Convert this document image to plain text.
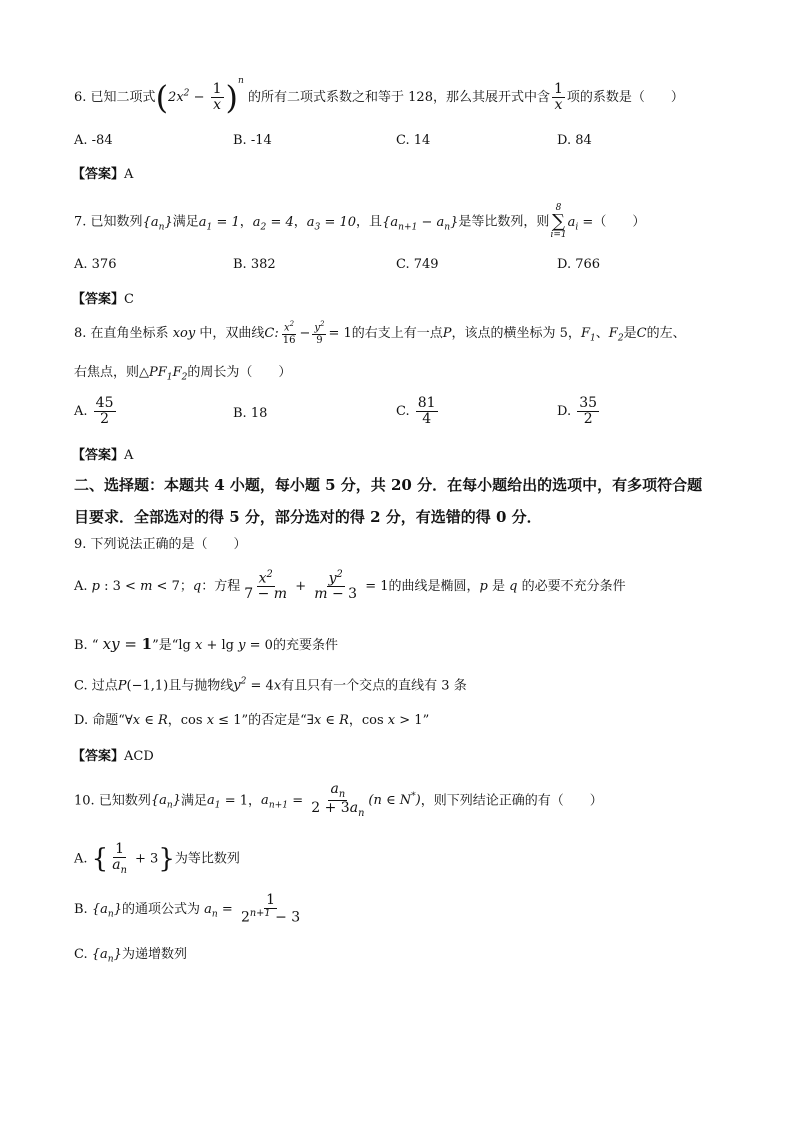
6. 已知二项式$(2x^2 - \frac{1}{x} )^n$ 的所有二项式系数之和等于 128，那么其展开式中含 $\frac{1}{x}$ 项的系数是（　　）
A. -84	B. -14	C. 14	D. 84
【答案】A
7. 已知数列$\{a_n\}$满足$a_1 = 1$，$a_2 = 4$，$a_3 = 10$，且$\{a_{n+1} - a_n\}$是等比数列，则
8
∑
i=1
$a_i$ =（　　）
A. 376	B. 382	C. 749	D. 766
【答案】C
8. 在直角坐标系 xoy 中，双曲线C: $\frac{x^2}{16} - \frac{y^2}{9} = 1$的右支上有一点P，该点的横坐标为 5，$F_1$、$F_2$是C的左、
右焦点，则$\triangle PF_1F_2$的周长为（　　）
A. $\frac{45}{2}$	B. 18	C. $\frac{81}{4}$	D. $\frac{35}{2}$
【答案】A
二、选择题：本题共 4 小题，每小题 5 分，共 20 分．在每小题给出的选项中，有多项符合题
目要求．全部选对的得 5 分，部分选对的得 2 分，有选错的得 0 分．
9. 下列说法正确的是（　　）
A. p : 3 < m < 7；q：方程 $\frac{x^2}{7 - m} + \frac{y^2}{m - 3} = 1$的曲线是椭圆，p 是 q 的必要不充分条件
B. “ xy = 1”是“lg x + lg y = 0的充要条件
C. 过点P(−1,1)且与抛物线$y^2 = 4x$有且只有一个交点的直线有 3 条
D. 命题“∀x ∈ R，cos x ≤ 1”的否定是“∃x ∈ R，cos x > 1”
【答案】ACD
10. 已知数列$\{a_n\}$满足$a_1 = 1$，$a_{n+1} = \frac{a_n}{2 + 3a_n} (n$ ∈ N*)，则下列结论正确的有（　　）
A. { $\frac{1}{a_n} + 3$}为等比数列
B. $\{a_n\}$的通项公式为 $a_n = \frac{1}{2^{n+1} - 3}$
C. $\{a_n\}$为递增数列
